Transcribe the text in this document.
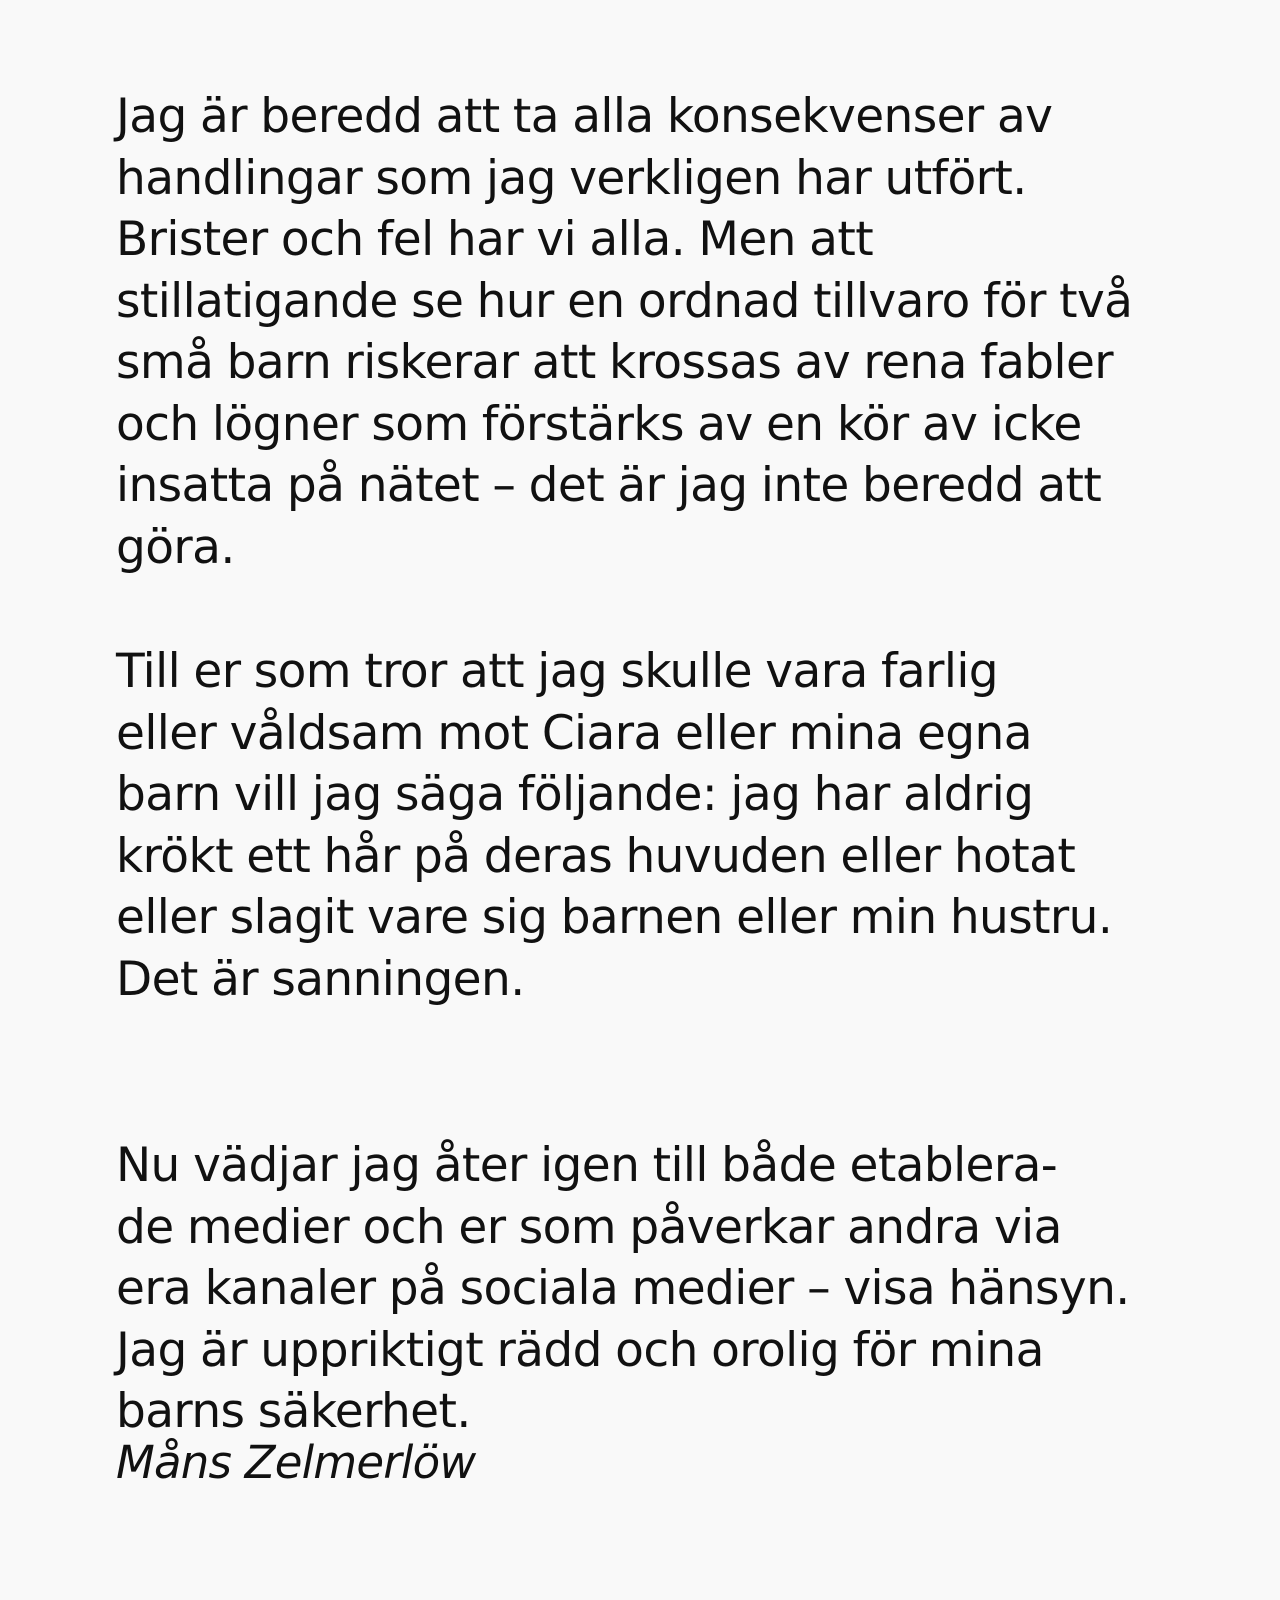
Jag är beredd att ta alla konsekvenser av
handlingar som jag verkligen har utfört.
Brister och fel har vi alla. Men att
stillatigande se hur en ordnad tillvaro för två
små barn riskerar att krossas av rena fabler
och lögner som förstärks av en kör av icke
insatta på nätet – det är jag inte beredd att
göra.
Till er som tror att jag skulle vara farlig
eller våldsam mot Ciara eller mina egna
barn vill jag säga följande: jag har aldrig
krökt ett hår på deras huvuden eller hotat
eller slagit vare sig barnen eller min hustru.
Det är sanningen.
Nu vädjar jag åter igen till både etablera-
de medier och er som påverkar andra via
era kanaler på sociala medier – visa hänsyn.
Jag är uppriktigt rädd och orolig för mina
barns säkerhet.
Måns Zelmerlöw
